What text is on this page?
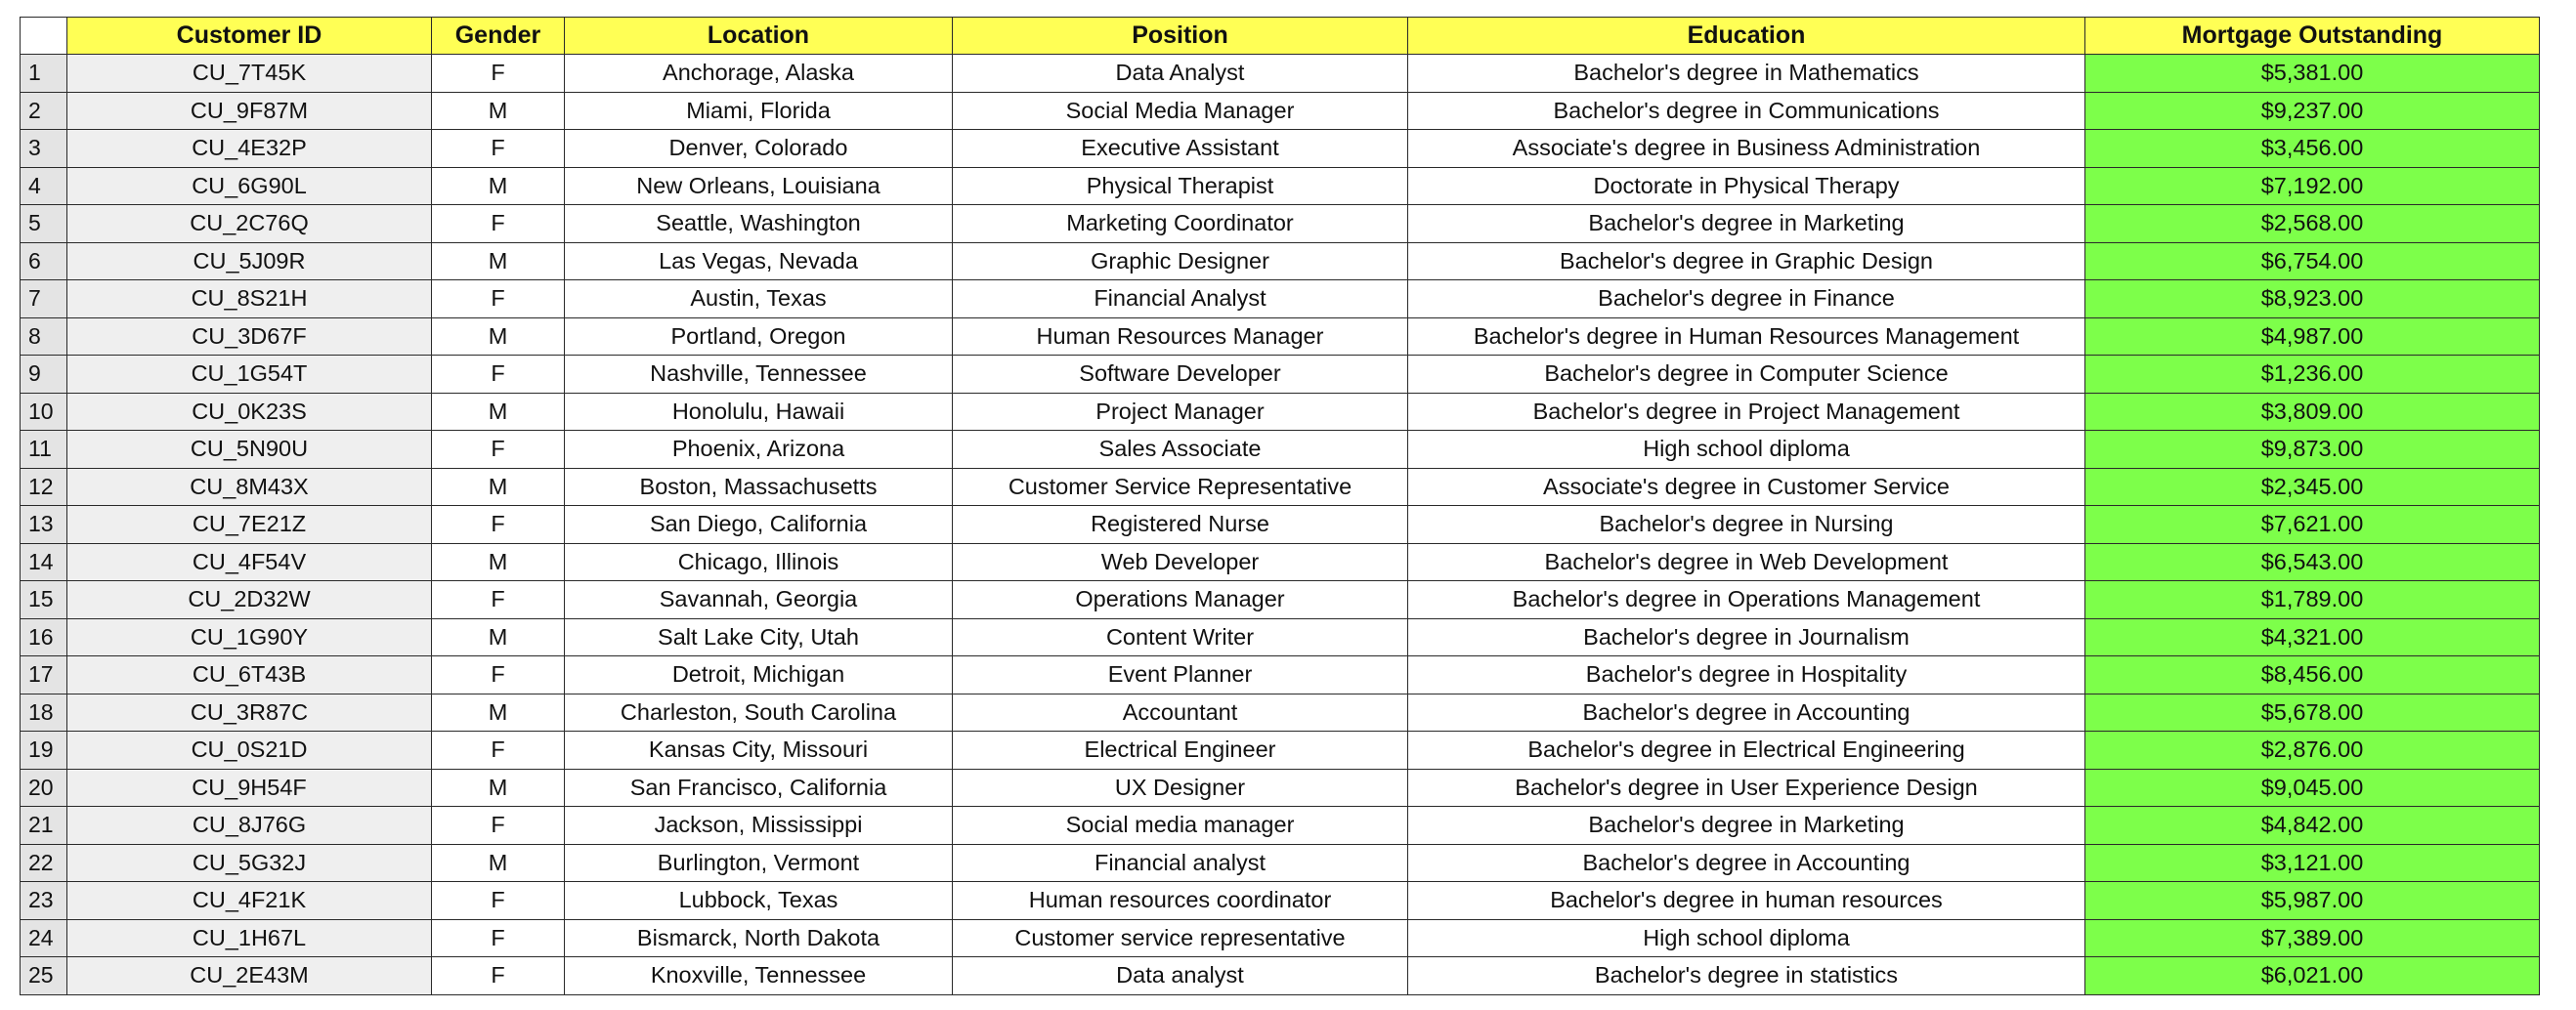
	Customer ID	Gender	Location	Position	Education	Mortgage Outstanding
1	CU_7T45K	F	Anchorage, Alaska	Data Analyst	Bachelor's degree in Mathematics	$5,381.00
2	CU_9F87M	M	Miami, Florida	Social Media Manager	Bachelor's degree in Communications	$9,237.00
3	CU_4E32P	F	Denver, Colorado	Executive Assistant	Associate's degree in Business Administration	$3,456.00
4	CU_6G90L	M	New Orleans, Louisiana	Physical Therapist	Doctorate in Physical Therapy	$7,192.00
5	CU_2C76Q	F	Seattle, Washington	Marketing Coordinator	Bachelor's degree in Marketing	$2,568.00
6	CU_5J09R	M	Las Vegas, Nevada	Graphic Designer	Bachelor's degree in Graphic Design	$6,754.00
7	CU_8S21H	F	Austin, Texas	Financial Analyst	Bachelor's degree in Finance	$8,923.00
8	CU_3D67F	M	Portland, Oregon	Human Resources Manager	Bachelor's degree in Human Resources Management	$4,987.00
9	CU_1G54T	F	Nashville, Tennessee	Software Developer	Bachelor's degree in Computer Science	$1,236.00
10	CU_0K23S	M	Honolulu, Hawaii	Project Manager	Bachelor's degree in Project Management	$3,809.00
11	CU_5N90U	F	Phoenix, Arizona	Sales Associate	High school diploma	$9,873.00
12	CU_8M43X	M	Boston, Massachusetts	Customer Service Representative	Associate's degree in Customer Service	$2,345.00
13	CU_7E21Z	F	San Diego, California	Registered Nurse	Bachelor's degree in Nursing	$7,621.00
14	CU_4F54V	M	Chicago, Illinois	Web Developer	Bachelor's degree in Web Development	$6,543.00
15	CU_2D32W	F	Savannah, Georgia	Operations Manager	Bachelor's degree in Operations Management	$1,789.00
16	CU_1G90Y	M	Salt Lake City, Utah	Content Writer	Bachelor's degree in Journalism	$4,321.00
17	CU_6T43B	F	Detroit, Michigan	Event Planner	Bachelor's degree in Hospitality	$8,456.00
18	CU_3R87C	M	Charleston, South Carolina	Accountant	Bachelor's degree in Accounting	$5,678.00
19	CU_0S21D	F	Kansas City, Missouri	Electrical Engineer	Bachelor's degree in Electrical Engineering	$2,876.00
20	CU_9H54F	M	San Francisco, California	UX Designer	Bachelor's degree in User Experience Design	$9,045.00
21	CU_8J76G	F	Jackson, Mississippi	Social media manager	Bachelor's degree in Marketing	$4,842.00
22	CU_5G32J	M	Burlington, Vermont	Financial analyst	Bachelor's degree in Accounting	$3,121.00
23	CU_4F21K	F	Lubbock, Texas	Human resources coordinator	Bachelor's degree in human resources	$5,987.00
24	CU_1H67L	F	Bismarck, North Dakota	Customer service representative	High school diploma	$7,389.00
25	CU_2E43M	F	Knoxville, Tennessee	Data analyst	Bachelor's degree in statistics	$6,021.00
